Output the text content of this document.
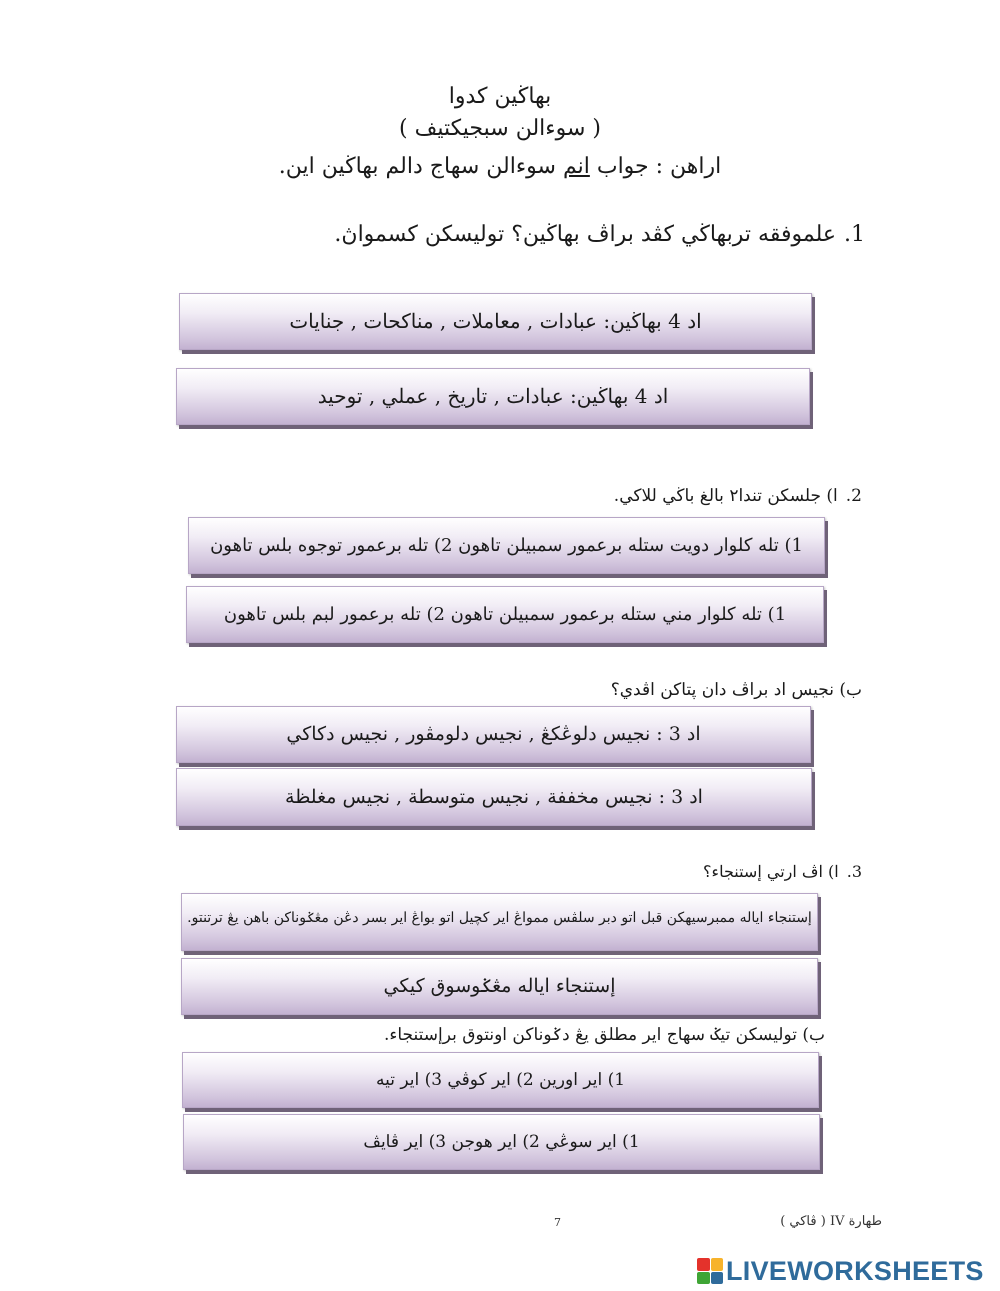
بهاڬين كدوا
( سوءالن سبجيكتيف )
اراهن : جواب انم سوءالن سهاج دالم بهاڬين اين.
1.علموفقه تربهاڬي كڤد براڤ بهاڬين؟ توليسكن كسمواڽ.
اد 4 بهاڬين: عبادات , معاملات , مناكحات , جنايات
اد 4 بهاڬين: عبادات , تاريخ , عملي , توحيد
2.ا) جلسكن تندا٢ بالغ باڬي للاكي.
1) تله كلوار دويت ستله برعمور سمبيلن تاهون 2) تله برعمور توجوه بلس تاهون
1) تله كلوار مني ستله برعمور سمبيلن تاهون 2) تله برعمور لبم بلس تاهون
ب) نجيس اد براڤ دان ڽتاكن اڤدي؟
اد 3 : نجيس دلوڠكڠ , نجيس دلومڤور , نجيس دكاكي
اد 3 : نجيس مخففة , نجيس متوسطة , نجيس مغلظة
3.ا) اڤ ارتي إستنجاء؟
إستنجاء اياله ممبرسيهكن قبل اتو دبر سلڤس ممواڠ اير كچيل اتو بواڠ اير بسر دڠن مڠݢوناكن باهن يڠ ترتنتو.
إستنجاء اياله مڠݢوسوق كيكي
ب) توليسكن تيݢ سهاج اير مطلق يڠ دݢوناكن اونتوق برإستنجاء.
1) اير اورين 2) اير كوڤي 3) اير تيه
1) اير سوڠي 2) اير هوجن 3) اير ڤايڤ
7	طهارة IV ( ڤاكي )
LIVEWORKSHEETS
